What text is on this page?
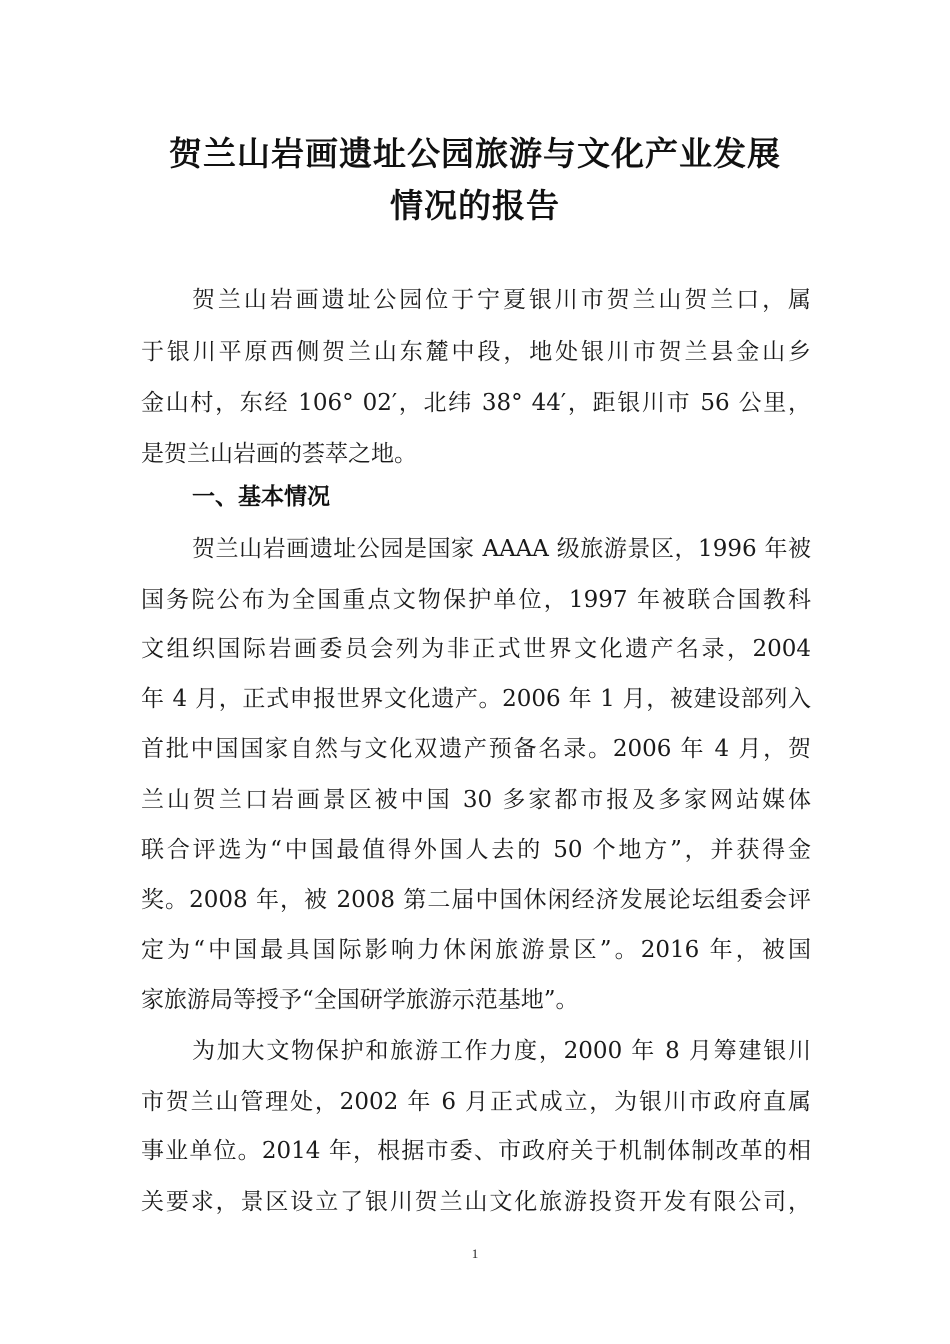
贺兰山岩画遗址公园旅游与文化产业发展
情况的报告
贺兰山岩画遗址公园位于宁夏银川市贺兰山贺兰口，属
于银川平原西侧贺兰山东麓中段，地处银川市贺兰县金山乡
金山村，东经 106° 02′，北纬 38° 44′，距银川市 56 公里，
是贺兰山岩画的荟萃之地。
一、基本情况
贺兰山岩画遗址公园是国家 AAAA 级旅游景区，1996 年被
国务院公布为全国重点文物保护单位，1997 年被联合国教科
文组织国际岩画委员会列为非正式世界文化遗产名录，2004
年 4 月，正式申报世界文化遗产。2006 年 1 月，被建设部列入
首批中国国家自然与文化双遗产预备名录。2006 年 4 月，贺
兰山贺兰口岩画景区被中国 30 多家都市报及多家网站媒体
联合评选为“中国最值得外国人去的 50 个地方”，并获得金
奖。2008 年，被 2008 第二届中国休闲经济发展论坛组委会评
定为“中国最具国际影响力休闲旅游景区”。2016 年，被国
家旅游局等授予“全国研学旅游示范基地”。
为加大文物保护和旅游工作力度，2000 年 8 月筹建银川
市贺兰山管理处，2002 年 6 月正式成立，为银川市政府直属
事业单位。2014 年，根据市委、市政府关于机制体制改革的相
关要求，景区设立了银川贺兰山文化旅游投资开发有限公司，
1
